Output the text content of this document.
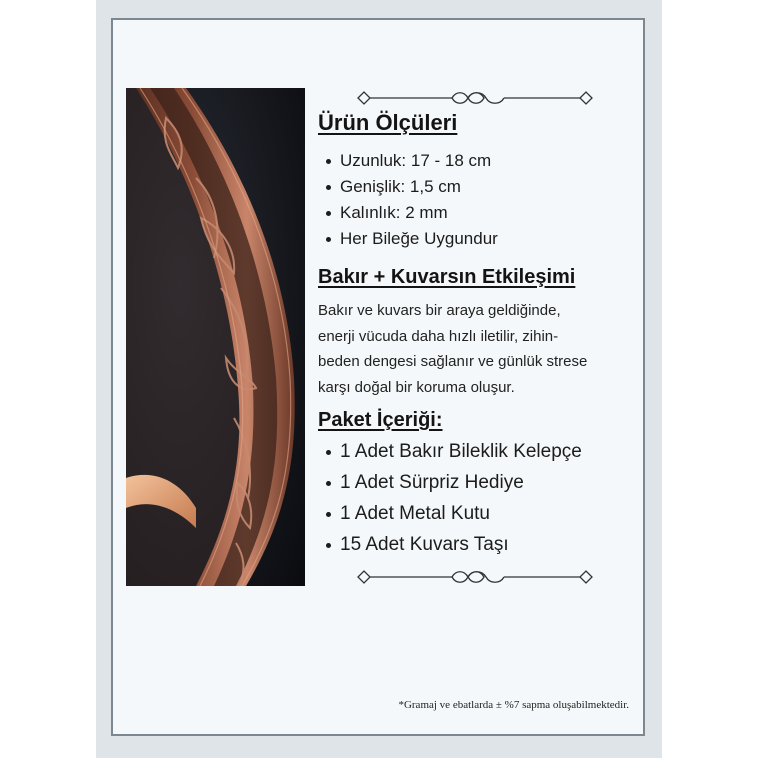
Ürün Ölçüleri
Uzunluk: 17 - 18 cm
Genişlik: 1,5 cm
Kalınlık: 2 mm
Her Bileğe Uygundur
Bakır + Kuvarsın Etkileşimi

Bakır ve kuvars bir araya geldiğinde,
enerji vücuda daha hızlı iletilir, zihin-
beden dengesi sağlanır ve günlük strese
karşı doğal bir koruma oluşur.

Paket İçeriği:
1 Adet Bakır Bileklik Kelepçe
1 Adet Sürpriz Hediye
1 Adet Metal Kutu
15 Adet Kuvars Taşı
*Gramaj ve ebatlarda ± %7 sapma oluşabilmektedir.
